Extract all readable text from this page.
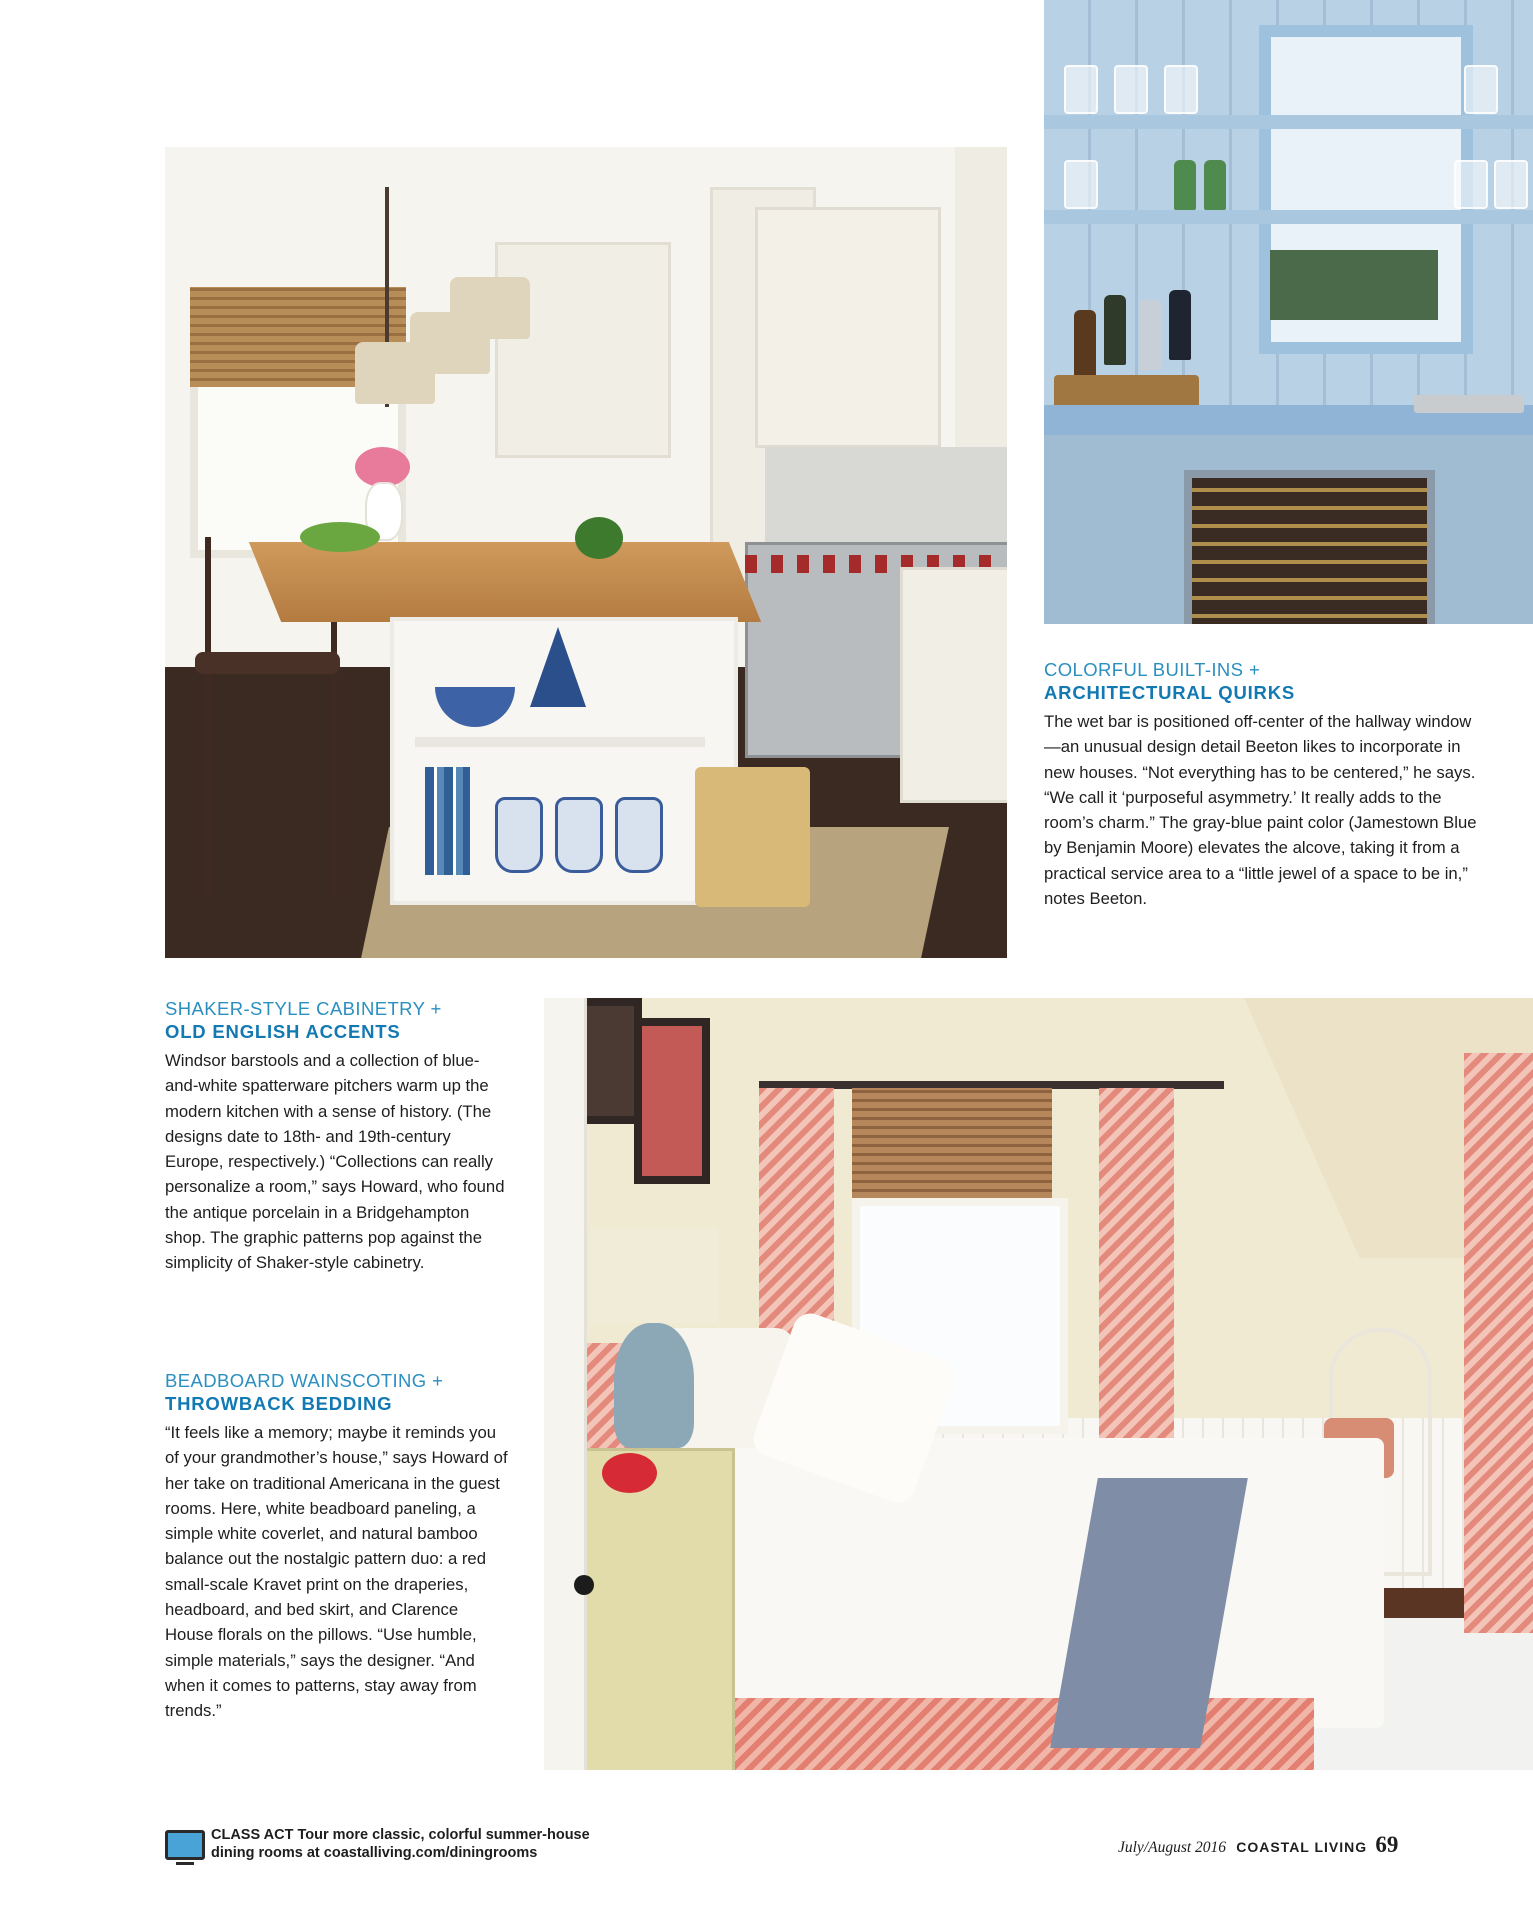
COLORFUL BUILT-INS +
ARCHITECTURAL QUIRKS

The wet bar is positioned off-center of the hallway window—an unusual design detail Beeton likes to incorporate in new houses. “Not everything has to be centered,” he says. “We call it ‘purposeful asymmetry.’ It really adds to the room’s charm.” The gray-blue paint color (Jamestown Blue by Benjamin Moore) elevates the alcove, taking it from a practical service area to a “little jewel of a space to be in,” notes Beeton.

SHAKER-STYLE CABINETRY +
OLD ENGLISH ACCENTS

Windsor barstools and a collection of blue-and-white spatterware pitchers warm up the modern kitchen with a sense of history. (The designs date to 18th- and 19th-century Europe, respectively.) “Collections can really personalize a room,” says Howard, who found the antique porcelain in a Bridgehampton shop. The graphic patterns pop against the simplicity of Shaker-style cabinetry.

BEADBOARD WAINSCOTING +
THROWBACK BEDDING

“It feels like a memory; maybe it reminds you of your grandmother’s house,” says Howard of her take on traditional Americana in the guest rooms. Here, white beadboard paneling, a simple white coverlet, and natural bamboo balance out the nostalgic pattern duo: a red small-scale Kravet print on the draperies, headboard, and bed skirt, and Clarence House florals on the pillows. “Use humble, simple materials,” says the designer. “And when it comes to patterns, stay away from trends.”

CLASS ACT Tour more classic, colorful summer-house
dining rooms at coastalliving.com/diningrooms	July/August 2016 COASTAL LIVING 69
